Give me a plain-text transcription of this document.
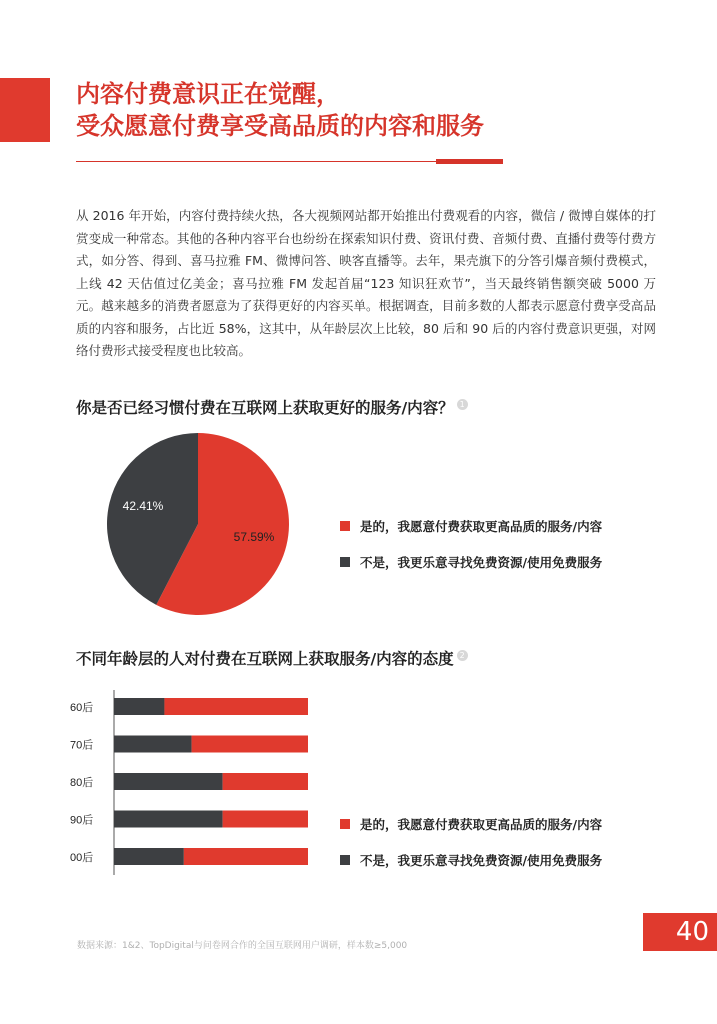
内容付费意识正在觉醒，
受众愿意付费享受高品质的内容和服务

从 2016 年开始，内容付费持续火热，各大视频网站都开始推出付费观看的内容，微信 / 微博自媒体的打赏变成一种常态。其他的各种内容平台也纷纷在探索知识付费、资讯付费、音频付费、直播付费等付费方式，如分答、得到、喜马拉雅 FM、微博问答、映客直播等。去年，果壳旗下的分答引爆音频付费模式，上线 42 天估值过亿美金；喜马拉雅 FM 发起首届“123 知识狂欢节”，当天最终销售额突破 5000 万元。越来越多的消费者愿意为了获得更好的内容买单。根据调查，目前多数的人都表示愿意付费享受高品质的内容和服务，占比近 58%，这其中，从年龄层次上比较，80 后和 90 后的内容付费意识更强，对网络付费形式接受程度也比较高。

你是否已经习惯付费在互联网上获取更好的服务/内容？ 1
57.59%
42.41%
是的，我愿意付费获取更高品质的服务/内容
不是，我更乐意寻找免费资源/使用免费服务
不同年龄层的人对付费在互联网上获取服务/内容的态度 2
60后
70后
80后
90后
00后
是的，我愿意付费获取更高品质的服务/内容
不是，我更乐意寻找免费资源/使用免费服务
数据来源：1&2、TopDigital与问卷网合作的全国互联网用户调研，样本数≥5,000	40
